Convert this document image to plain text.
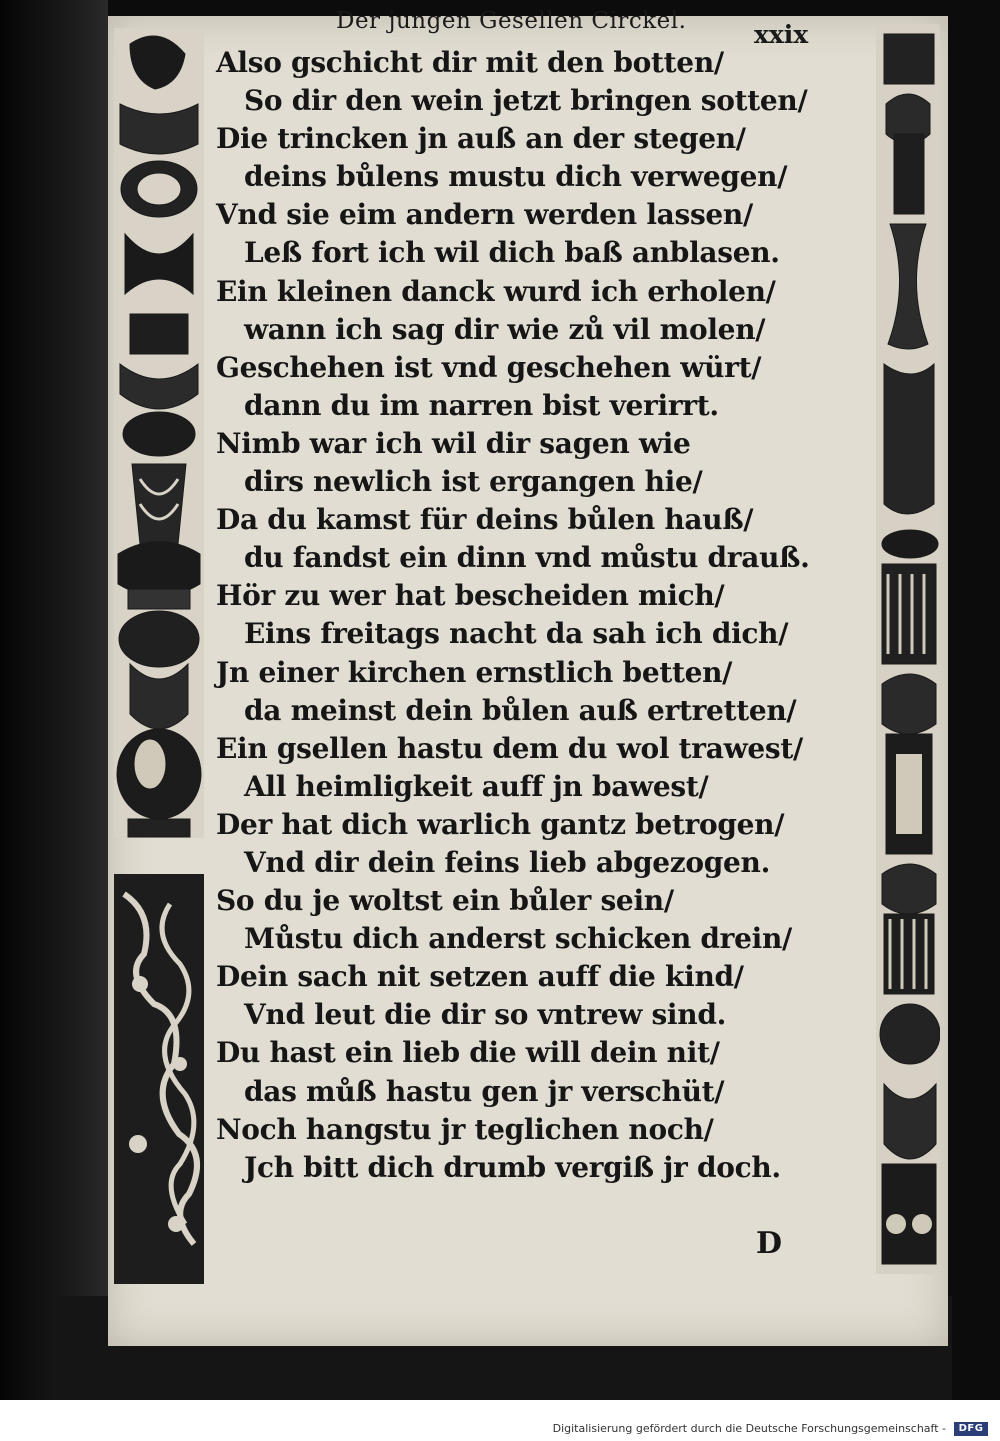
Der jungen Gesellen Circkel.	xxix
Also gschicht dir mit den botten/
So dir den wein jetzt bringen sotten/
Die trincken jn auß an der stegen/
deins bůlens mustu dich verwegen/
Vnd sie eim andern werden lassen/
Leß fort ich wil dich baß anblasen.
Ein kleinen danck wurd ich erholen/
wann ich sag dir wie zů vil molen/
Geschehen ist vnd geschehen würt/
dann du im narren bist verirrt.
Nimb war ich wil dir sagen wie
dirs newlich ist ergangen hie/
Da du kamst für deins bůlen hauß/
du fandst ein dinn vnd můstu drauß.
Hör zu wer hat bescheiden mich/
Eins freitags nacht da sah ich dich/
Jn einer kirchen ernstlich betten/
da meinst dein bůlen auß ertretten/
Ein gsellen hastu dem du wol trawest/
All heimligkeit auff jn bawest/
Der hat dich warlich gantz betrogen/
Vnd dir dein feins lieb abgezogen.
So du je woltst ein bůler sein/
Můstu dich anderst schicken drein/
Dein sach nit setzen auff die kind/
Vnd leut die dir so vntrew sind.
Du hast ein lieb die will dein nit/
das můß hastu gen jr verschüt/
Noch hangstu jr teglichen noch/
Jch bitt dich drumb vergiß jr doch.
D
Digitalisierung gefördert durch die Deutsche Forschungsgemeinschaft -	DFG
